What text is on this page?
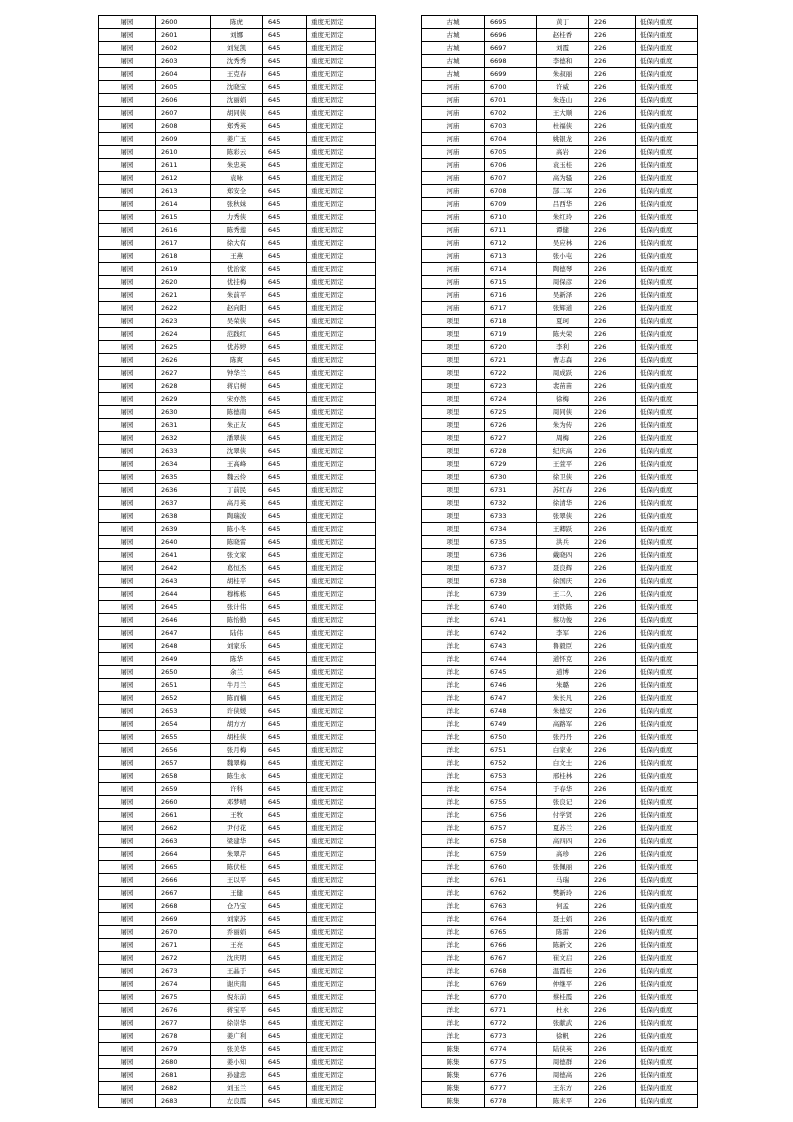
屠园	2600	陈虎	645	重度无固定
屠园	2601	刘娜	645	重度无固定
屠园	2602	刘复凯	645	重度无固定
屠园	2603	沈秀秀	645	重度无固定
屠园	2604	王克春	645	重度无固定
屠园	2605	沈晓宝	645	重度无固定
屠园	2606	沈丽娟	645	重度无固定
屠园	2607	胡同侠	645	重度无固定
屠园	2608	郑秀英	645	重度无固定
屠园	2609	姜广玉	645	重度无固定
屠园	2610	陈彩云	645	重度无固定
屠园	2611	朱忠英	645	重度无固定
屠园	2612	袁咏	645	重度无固定
屠园	2613	郑安全	645	重度无固定
屠园	2614	张秋妹	645	重度无固定
屠园	2615	力秀侠	645	重度无固定
屠园	2616	陈秀莲	645	重度无固定
屠园	2617	徐大有	645	重度无固定
屠园	2618	王燕	645	重度无固定
屠园	2619	优治家	645	重度无固定
屠园	2620	优挂梅	645	重度无固定
屠园	2621	朱前平	645	重度无固定
屠园	2622	赵向阳	645	重度无固定
屠园	2623	吴荣侠	645	重度无固定
屠园	2624	范践红	645	重度无固定
屠园	2625	优苏婷	645	重度无固定
屠园	2626	陈爽	645	重度无固定
屠园	2627	钟华兰	645	重度无固定
屠园	2628	蒋启树	645	重度无固定
屠园	2629	宋亦然	645	重度无固定
屠园	2630	陈德南	645	重度无固定
屠园	2631	朱正友	645	重度无固定
屠园	2632	潘翠侠	645	重度无固定
屠园	2633	沈翠侠	645	重度无固定
屠园	2634	王高峰	645	重度无固定
屠园	2635	魏云伶	645	重度无固定
屠园	2636	丁前民	645	重度无固定
屠园	2637	高月英	645	重度无固定
屠园	2638	陶瑞波	645	重度无固定
屠园	2639	陈小冬	645	重度无固定
屠园	2640	陈晓雷	645	重度无固定
屠园	2641	张文家	645	重度无固定
屠园	2642	葛恒杰	645	重度无固定
屠园	2643	胡桂平	645	重度无固定
屠园	2644	穆栋栋	645	重度无固定
屠园	2645	张计伟	645	重度无固定
屠园	2646	陈怡勤	645	重度无固定
屠园	2647	陆伟	645	重度无固定
屠园	2648	刘家乐	645	重度无固定
屠园	2649	陈华	645	重度无固定
屠园	2650	余兰	645	重度无固定
屠园	2651	牛月兰	645	重度无固定
屠园	2652	陈而楠	645	重度无固定
屠园	2653	许侠媛	645	重度无固定
屠园	2654	胡方方	645	重度无固定
屠园	2655	胡桂侠	645	重度无固定
屠园	2656	张月梅	645	重度无固定
屠园	2657	魏翠梅	645	重度无固定
屠园	2658	陈生永	645	重度无固定
屠园	2659	许科	645	重度无固定
屠园	2660	邓梦晴	645	重度无固定
屠园	2661	王牧	645	重度无固定
屠园	2662	尹付花	645	重度无固定
屠园	2663	梁建华	645	重度无固定
屠园	2664	朱翠芹	645	重度无固定
屠园	2665	陈伏桂	645	重度无固定
屠园	2666	王以平	645	重度无固定
屠园	2667	王健	645	重度无固定
屠园	2668	仓乃宝	645	重度无固定
屠园	2669	刘家苏	645	重度无固定
屠园	2670	乔丽娟	645	重度无固定
屠园	2671	王亮	645	重度无固定
屠园	2672	沈庆明	645	重度无固定
屠园	2673	王晶于	645	重度无固定
屠园	2674	谢庆南	645	重度无固定
屠园	2675	倪东前	645	重度无固定
屠园	2676	蒋宝平	645	重度无固定
屠园	2677	徐崇华	645	重度无固定
屠园	2678	姜广利	645	重度无固定
屠园	2679	张美华	645	重度无固定
屠园	2680	姜小知	645	重度无固定
屠园	2681	孙建忠	645	重度无固定
屠园	2682	刘玉兰	645	重度无固定
屠园	2683	左良霞	645	重度无固定
古城	6695	黄丁	226	低保内重度
古城	6696	赵桂香	226	低保内重度
古城	6697	刘霞	226	低保内重度
古城	6698	李德和	226	低保内重度
古城	6699	朱叔丽	226	低保内重度
河庙	6700	许威	226	低保内重度
河庙	6701	朱连山	226	低保内重度
河庙	6702	王大顺	226	低保内重度
河庙	6703	杜福侠	226	低保内重度
河庙	6704	姚银龙	226	低保内重度
河庙	6705	高岩	226	低保内重度
河庙	6706	袁玉桂	226	低保内重度
河庙	6707	高为骚	226	低保内重度
河庙	6708	郜二军	226	低保内重度
河庙	6709	吕西华	226	低保内重度
河庙	6710	朱红玲	226	低保内重度
河庙	6711	谭健	226	低保内重度
河庙	6712	吴应林	226	低保内重度
河庙	6713	张小屯	226	低保内重度
河庙	6714	陶德琴	226	低保内重度
河庙	6715	周保彦	226	低保内重度
河庙	6716	吴新泽	226	低保内重度
河庙	6717	张辉道	226	低保内重度
项里	6718	夏珂	226	低保内重度
项里	6719	陈夫荣	226	低保内重度
项里	6720	李利	226	低保内重度
项里	6721	曹志森	226	低保内重度
项里	6722	周成跃	226	低保内重度
项里	6723	裴苗苗	226	低保内重度
项里	6724	徐梅	226	低保内重度
项里	6725	周同侠	226	低保内重度
项里	6726	朱为传	226	低保内重度
项里	6727	周梅	226	低保内重度
项里	6728	纪庆高	226	低保内重度
项里	6729	王萱平	226	低保内重度
项里	6730	徐卫侠	226	低保内重度
项里	6731	苏红春	226	低保内重度
项里	6732	徐清华	226	低保内重度
项里	6733	张翠侠	226	低保内重度
项里	6734	王卿跃	226	低保内重度
项里	6735	洪兵	226	低保内重度
项里	6736	戴晓四	226	低保内重度
项里	6737	聂良辉	226	低保内重度
项里	6738	徐国庆	226	低保内重度
洋北	6739	王二久	226	低保内重度
洋北	6740	刘铁陈	226	低保内重度
洋北	6741	蔡功俊	226	低保内重度
洋北	6742	李军	226	低保内重度
洋北	6743	鲁毅臣	226	低保内重度
洋北	6744	道怀克	226	低保内重度
洋北	6745	道博	226	低保内重度
洋北	6746	朱璐	226	低保内重度
洋北	6747	朱长凡	226	低保内重度
洋北	6748	朱德安	226	低保内重度
洋北	6749	高路军	226	低保内重度
洋北	6750	张丹丹	226	低保内重度
洋北	6751	白家业	226	低保内重度
洋北	6752	白文士	226	低保内重度
洋北	6753	邢桂林	226	低保内重度
洋北	6754	于春华	226	低保内重度
洋北	6755	张良记	226	低保内重度
洋北	6756	付学贤	226	低保内重度
洋北	6757	夏苏兰	226	低保内重度
洋北	6758	高四四	226	低保内重度
洋北	6759	高珍	226	低保内重度
洋北	6760	张佩丽	226	低保内重度
洋北	6761	马瑞	226	低保内重度
洋北	6762	樊新玲	226	低保内重度
洋北	6763	何孟	226	低保内重度
洋北	6764	聂士娟	226	低保内重度
洋北	6765	陈雷	226	低保内重度
洋北	6766	陈新文	226	低保内重度
洋北	6767	崔文启	226	低保内重度
洋北	6768	温霞桂	226	低保内重度
洋北	6769	仲继平	226	低保内重度
洋北	6770	蔡桂霞	226	低保内重度
洋北	6771	杜永	226	低保内重度
洋北	6772	张献武	226	低保内重度
洋北	6773	徐帆	226	低保内重度
陈集	6774	陆侠英	226	低保内重度
陈集	6775	周德群	226	低保内重度
陈集	6776	周德高	226	低保内重度
陈集	6777	王东方	226	低保内重度
陈集	6778	陈来平	226	低保内重度
